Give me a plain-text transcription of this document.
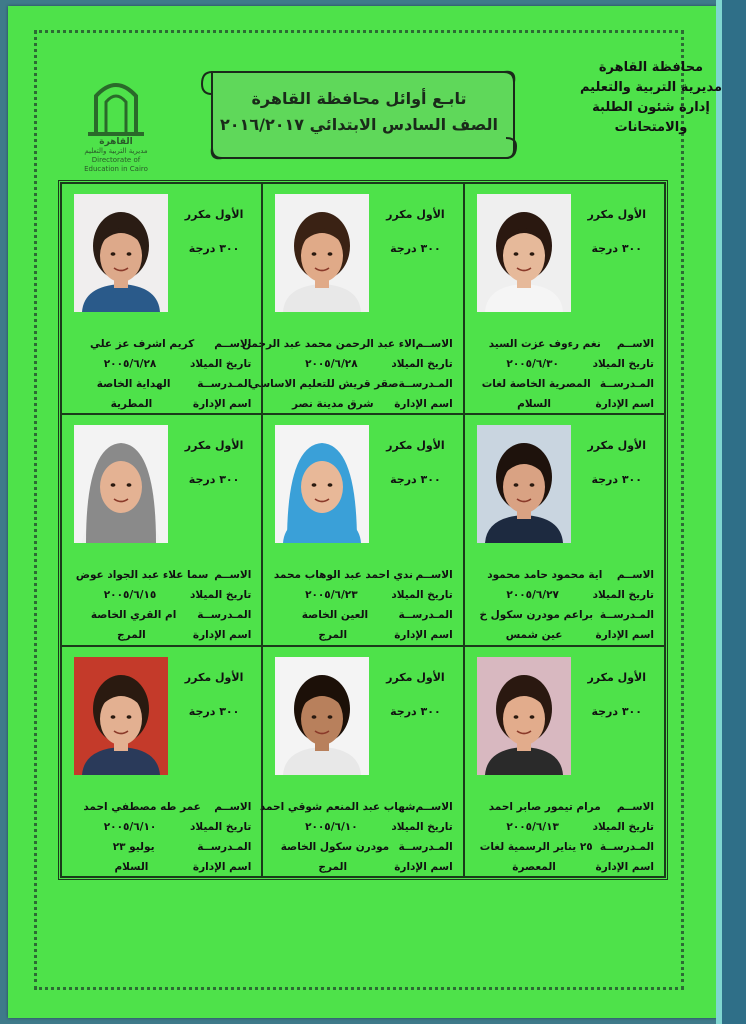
محافظة القاهرة
مديرية التربية والتعليم
إدارة شئون الطلبة والامتحانات
تابـع أوائل محافظة القاهرة
الصف السادس الابتدائي ٢٠١٦/٢٠١٧
القاهرة
مديرية التربية والتعليم
Directorate of Education in Cairo
الأول مكرر
٣٠٠ درجة
الاســم
نغم رءوف عزت السيد
تاريخ الميلاد
٢٠٠٥/٦/٣٠
المـدرســة
المصرية الخاصة لغات
اسم الإدارة
السلام
الأول مكرر
٣٠٠ درجة
الاســم
الاء عبد الرحمن محمد عبد الرحمن
تاريخ الميلاد
٢٠٠٥/٦/٢٨
المـدرســة
صقر قريش للتعليم الاساسي
اسم الإدارة
شرق مدينة نصر
الأول مكرر
٣٠٠ درجة
الاســم
كريم اشرف عز علي
تاريخ الميلاد
٢٠٠٥/٦/٢٨
المـدرســة
الهداية الخاصة
اسم الإدارة
المطرية
الأول مكرر
٣٠٠ درجة
الاســم
اية محمود حامد محمود
تاريخ الميلاد
٢٠٠٥/٦/٢٧
المـدرســة
براعم مودرن سكول خ
اسم الإدارة
عين شمس
الأول مكرر
٣٠٠ درجة
الاســم
ندي احمد عبد الوهاب محمد
تاريخ الميلاد
٢٠٠٥/٦/٢٣
المـدرســة
العين الخاصة
اسم الإدارة
المرج
الأول مكرر
٣٠٠ درجة
الاســم
سما علاء عبد الجواد عوض
تاريخ الميلاد
٢٠٠٥/٦/١٥
المـدرســة
ام القري الخاصة
اسم الإدارة
المرج
الأول مكرر
٣٠٠ درجة
الاســم
مرام تيمور صابر احمد
تاريخ الميلاد
٢٠٠٥/٦/١٣
المـدرســة
٢٥ يناير الرسمية لغات
اسم الإدارة
المعصرة
الأول مكرر
٣٠٠ درجة
الاســم
شهاب عبد المنعم شوقي احمد
تاريخ الميلاد
٢٠٠٥/٦/١٠
المـدرســة
مودرن سكول الخاصة
اسم الإدارة
المرج
الأول مكرر
٣٠٠ درجة
الاســم
عمر طه مصطفي احمد
تاريخ الميلاد
٢٠٠٥/٦/١٠
المـدرســة
يوليو ٢٣
اسم الإدارة
السلام
